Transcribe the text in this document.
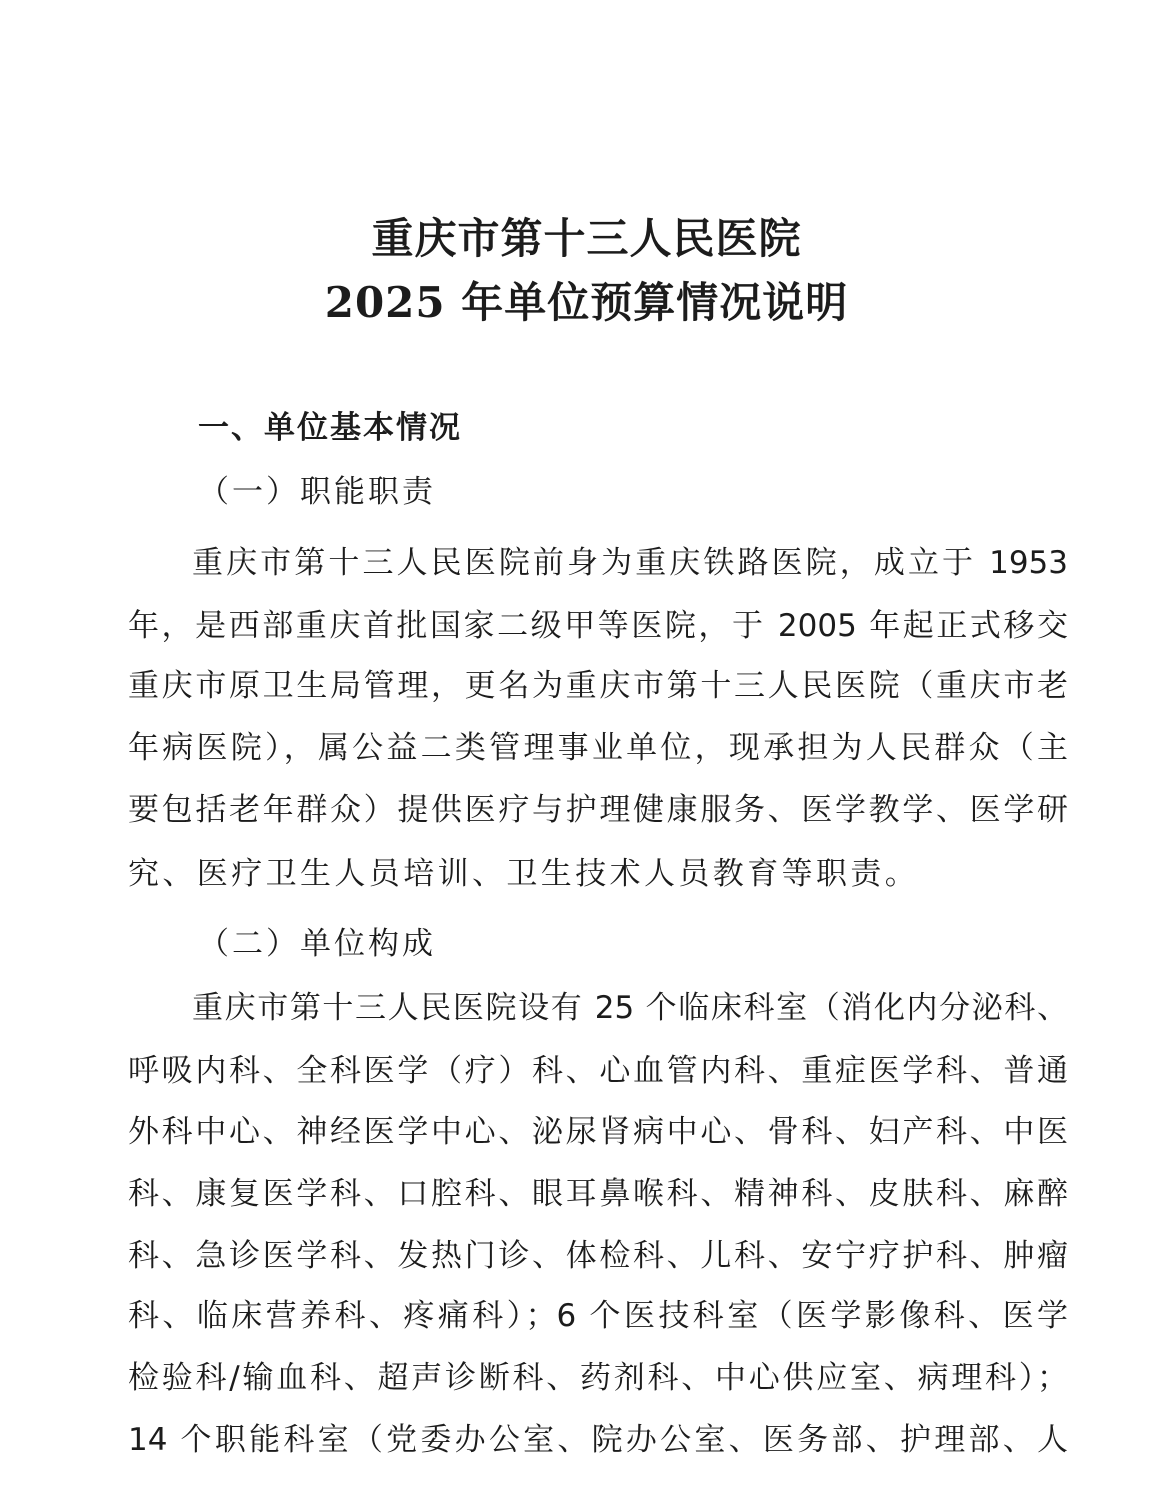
重庆市第十三人民医院
2025 年单位预算情况说明
一、单位基本情况
（一）职能职责
重庆市第十三人民医院前身为重庆铁路医院，成立于 1953
年，是西部重庆首批国家二级甲等医院，于 2005 年起正式移交
重庆市原卫生局管理，更名为重庆市第十三人民医院（重庆市老
年病医院），属公益二类管理事业单位，现承担为人民群众（主
要包括老年群众）提供医疗与护理健康服务、医学教学、医学研
究、医疗卫生人员培训、卫生技术人员教育等职责。
（二）单位构成
重庆市第十三人民医院设有 25 个临床科室（消化内分泌科、
呼吸内科、全科医学（疗）科、心血管内科、重症医学科、普通
外科中心、神经医学中心、泌尿肾病中心、骨科、妇产科、中医
科、康复医学科、口腔科、眼耳鼻喉科、精神科、皮肤科、麻醉
科、急诊医学科、发热门诊、体检科、儿科、安宁疗护科、肿瘤
科、临床营养科、疼痛科）；6 个医技科室（医学影像科、医学
检验科/输血科、超声诊断科、药剂科、中心供应室、病理科）；
14 个职能科室（党委办公室、院办公室、医务部、护理部、人
